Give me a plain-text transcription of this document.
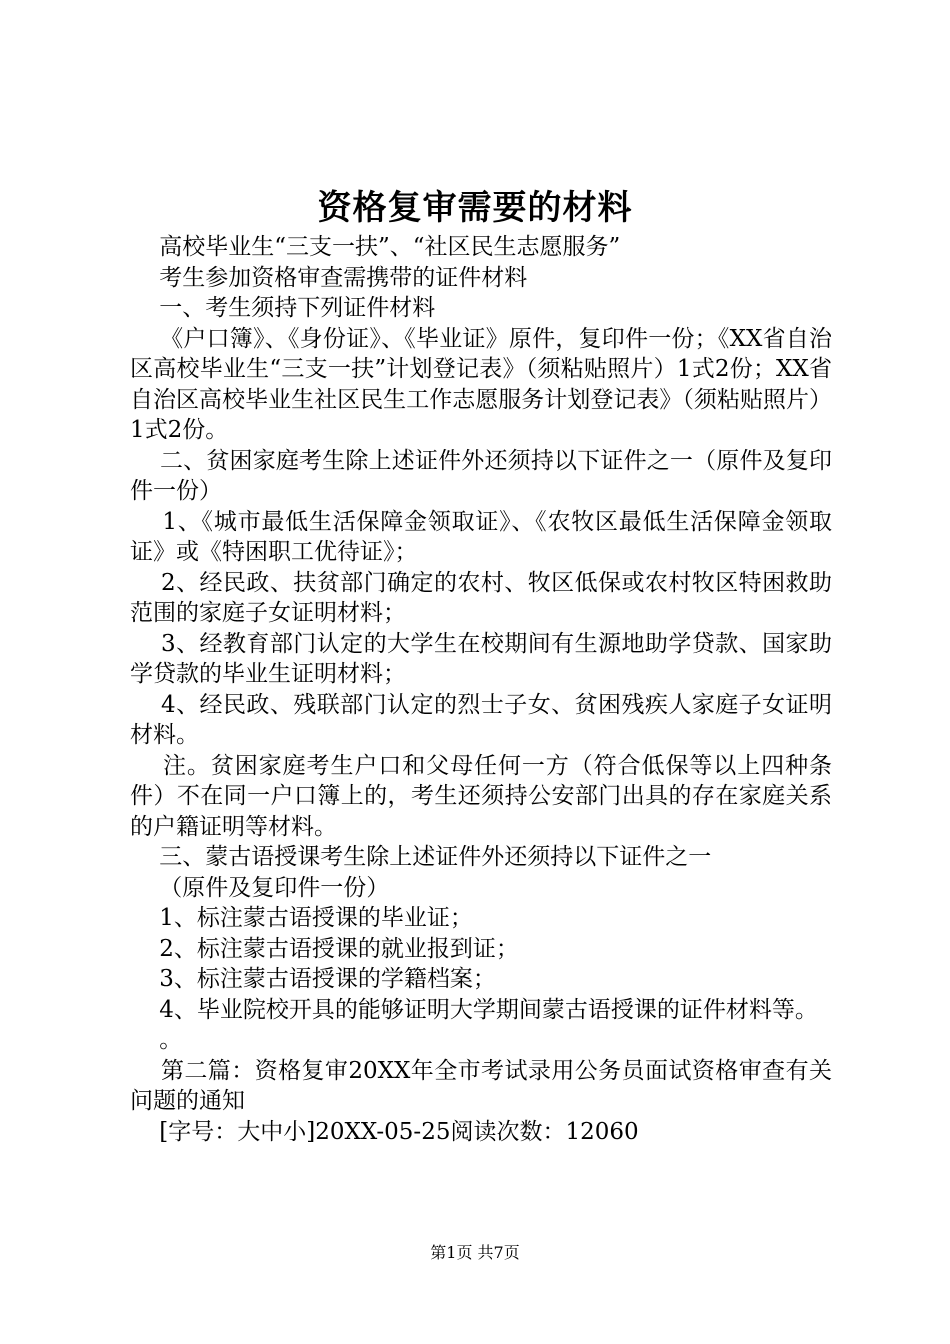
资格复审需要的材料

高校毕业生“三支一扶”、“社区民生志愿服务”

考生参加资格审查需携带的证件材料

一、考生须持下列证件材料

《户口簿》、《身份证》、《毕业证》原件，复印件一份；《XX省自治区高校毕业生“三支一扶”计划登记表》（须粘贴照片）1式2份；XX省自治区高校毕业生社区民生工作志愿服务计划登记表》（须粘贴照片）1式2份。

二、贫困家庭考生除上述证件外还须持以下证件之一（原件及复印件一份）

1、《城市最低生活保障金领取证》、《农牧区最低生活保障金领取证》或《特困职工优待证》；

2、经民政、扶贫部门确定的农村、牧区低保或农村牧区特困救助范围的家庭子女证明材料；

3、经教育部门认定的大学生在校期间有生源地助学贷款、国家助学贷款的毕业生证明材料；

4、经民政、残联部门认定的烈士子女、贫困残疾人家庭子女证明材料。

注。贫困家庭考生户口和父母任何一方（符合低保等以上四种条件）不在同一户口簿上的，考生还须持公安部门出具的存在家庭关系的户籍证明等材料。

三、蒙古语授课考生除上述证件外还须持以下证件之一

（原件及复印件一份）

1、标注蒙古语授课的毕业证；

2、标注蒙古语授课的就业报到证；

3、标注蒙古语授课的学籍档案；

4、毕业院校开具的能够证明大学期间蒙古语授课的证件材料等。

。

第二篇：资格复审20XX年全市考试录用公务员面试资格审查有关问题的通知

[字号：大中小]20XX-05-25阅读次数：12060

第1页 共7页
